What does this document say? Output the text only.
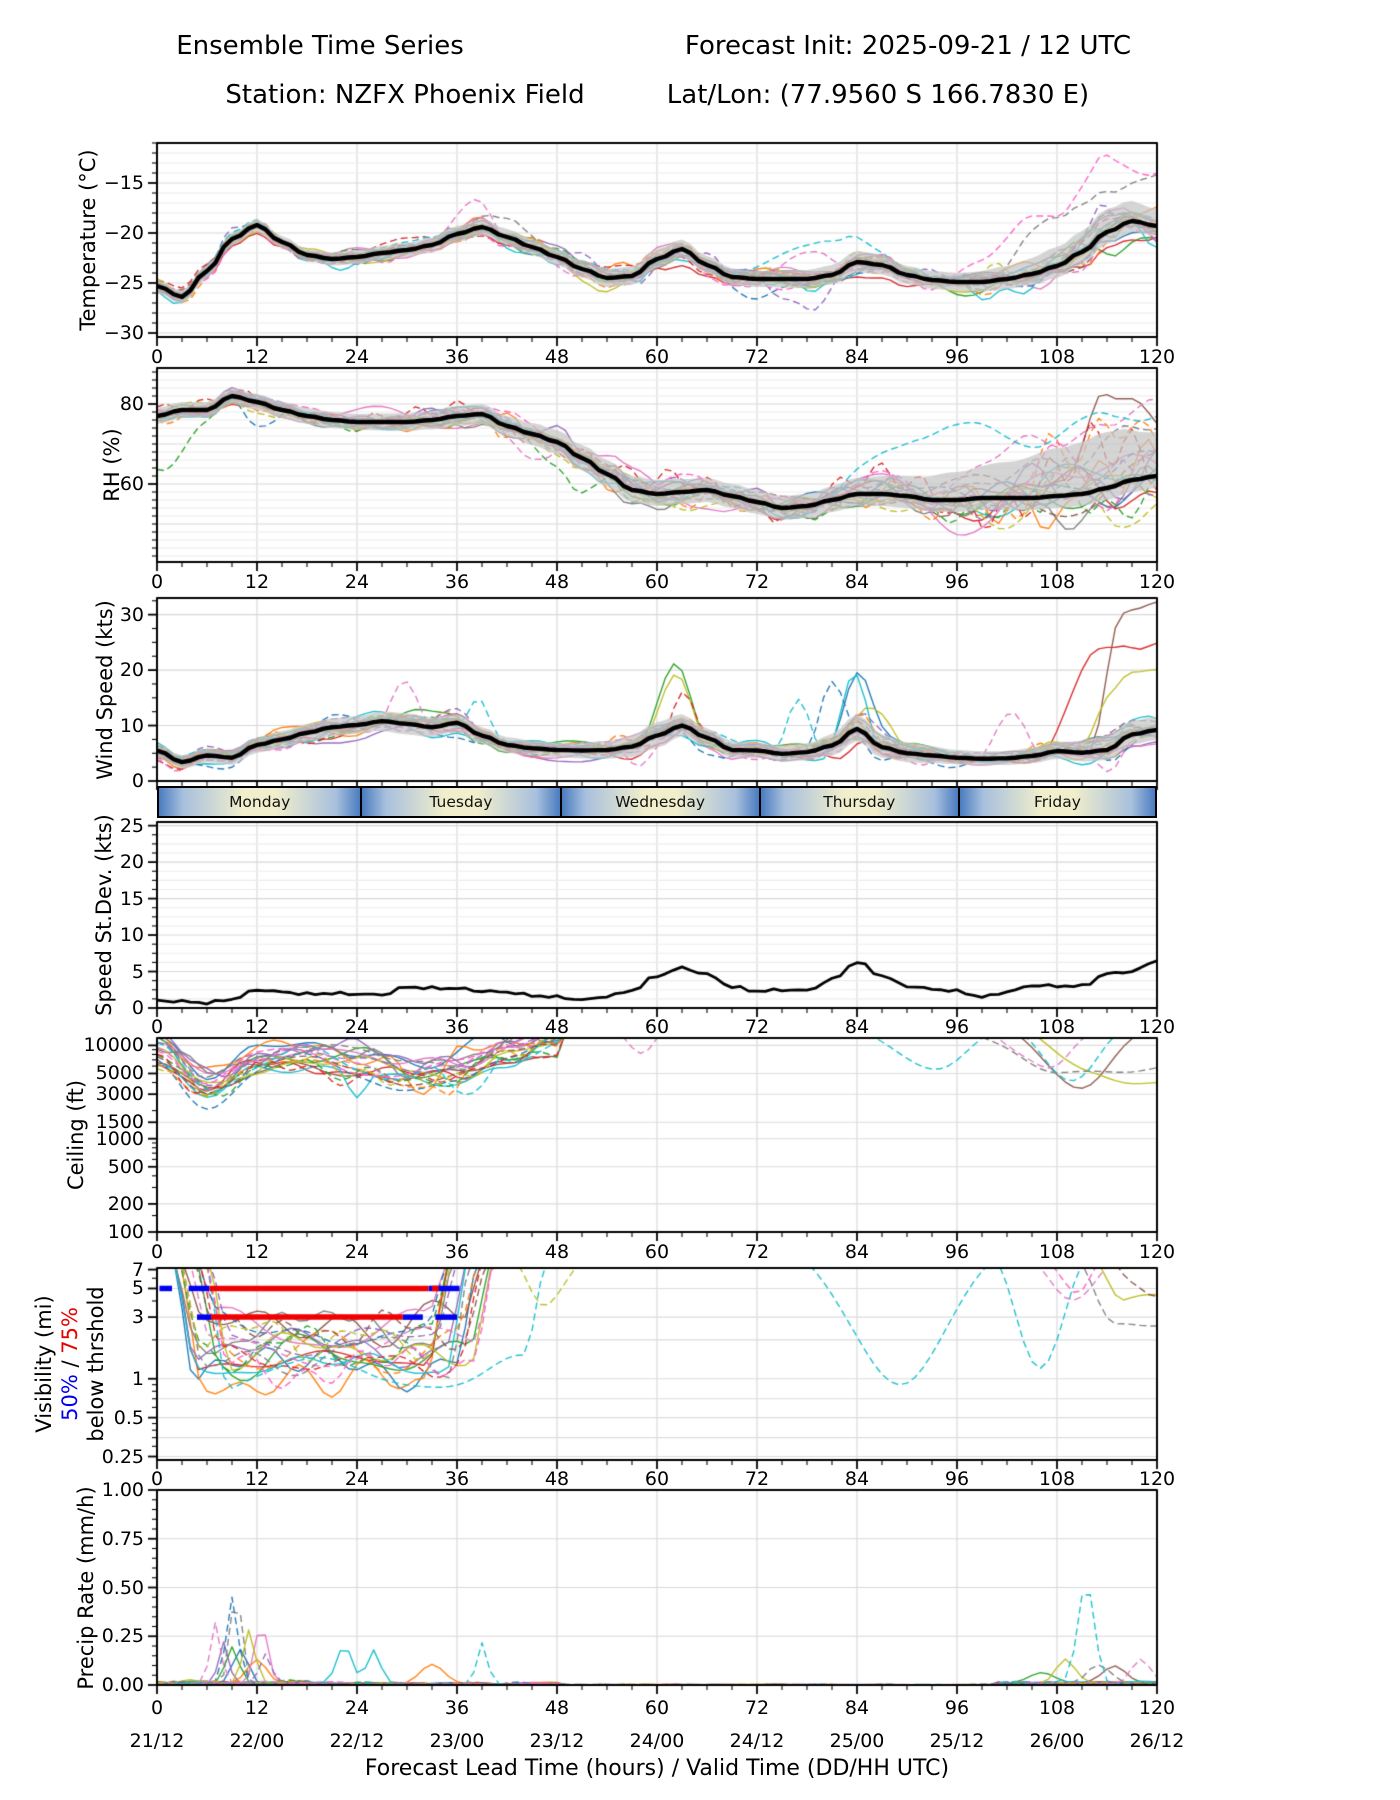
Ensemble Time Series	Forecast Init: 2025-09-21 / 12 UTC
Station: NZFX Phoenix Field	Lat/Lon: (77.9560 S 166.7830 E)
Temperature (°C)
RH (%)
Wind Speed (kts)
Speed St.Dev. (kts)
Ceiling (ft)
Visibility (mi) 50% / 75% below thrshold
Precip Rate (mm/h)
Forecast Lead Time (hours) / Valid Time (DD/HH UTC)
0	12	24	36	48	60	72	84	96	108	120
0	12	24	36	48	60	72	84	96	108	120
0	12	24	36	48	60	72	84	96	108	120
0	12	24	36	48	60	72	84	96	108	120
0	12	24	36	48	60	72	84	96	108	120
0	12	24	36	48	60	72	84	96	108	120
21/12 22/00 22/12 23/00 23/12 24/00 24/12 25/00 25/12 26/00 26/12
−15
−20
−25
−30
80
60
30
20
10
0
25
20
15
10
5
0
10000
5000
3000
1500
1000
500
200
100
7
5
3
1
0.5
0.25
1.00
0.75
0.50
0.25
0.00
Monday	Tuesday	Wednesday	Thursday	Friday
